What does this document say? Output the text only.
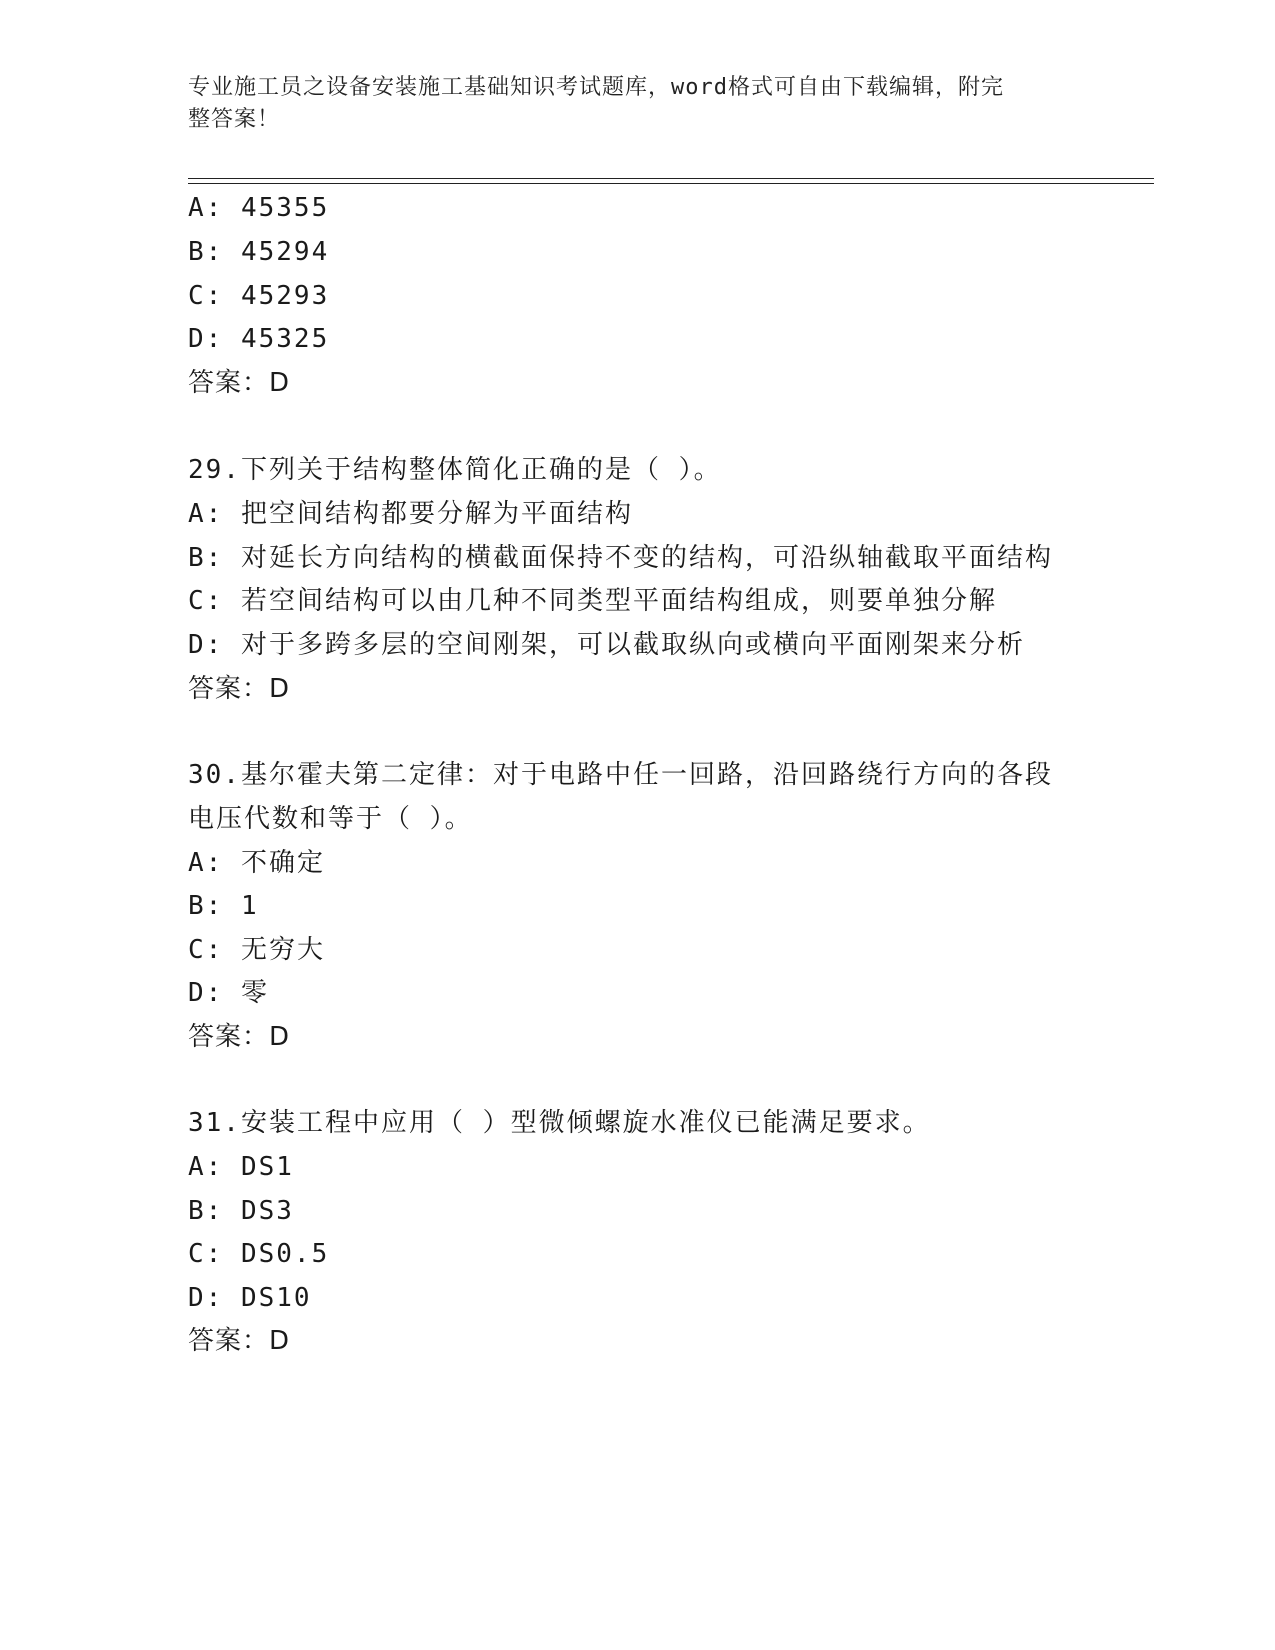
专业施工员之设备安装施工基础知识考试题库，word格式可自由下载编辑，附完
整答案！
A: 45355
B: 45294
C: 45293
D: 45325
答案：D
29.下列关于结构整体简化正确的是（ ）。
A: 把空间结构都要分解为平面结构
B: 对延长方向结构的横截面保持不变的结构，可沿纵轴截取平面结构
C: 若空间结构可以由几种不同类型平面结构组成，则要单独分解
D: 对于多跨多层的空间刚架，可以截取纵向或横向平面刚架来分析
答案：D
30.基尔霍夫第二定律：对于电路中任一回路，沿回路绕行方向的各段
电压代数和等于（ ）。
A: 不确定
B: 1
C: 无穷大
D: 零
答案：D
31.安装工程中应用（ ）型微倾螺旋水准仪已能满足要求。
A: DS1
B: DS3
C: DS0.5
D: DS10
答案：D
